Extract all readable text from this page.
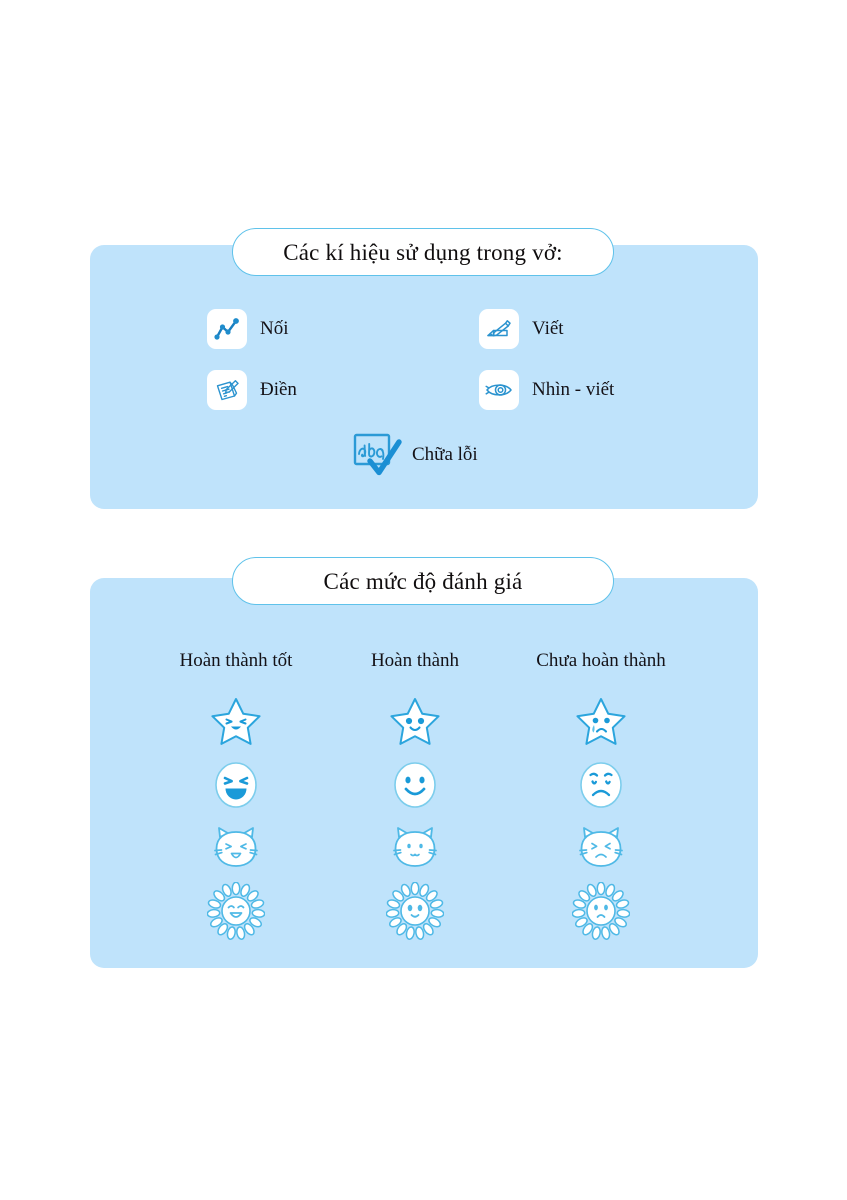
Các kí hiệu sử dụng trong vở:
Nối	Viết
Điền	Nhìn - viết
Chữa lỗi
Các mức độ đánh giá
Hoàn thành tốt	Hoàn thành	Chưa hoàn thành
